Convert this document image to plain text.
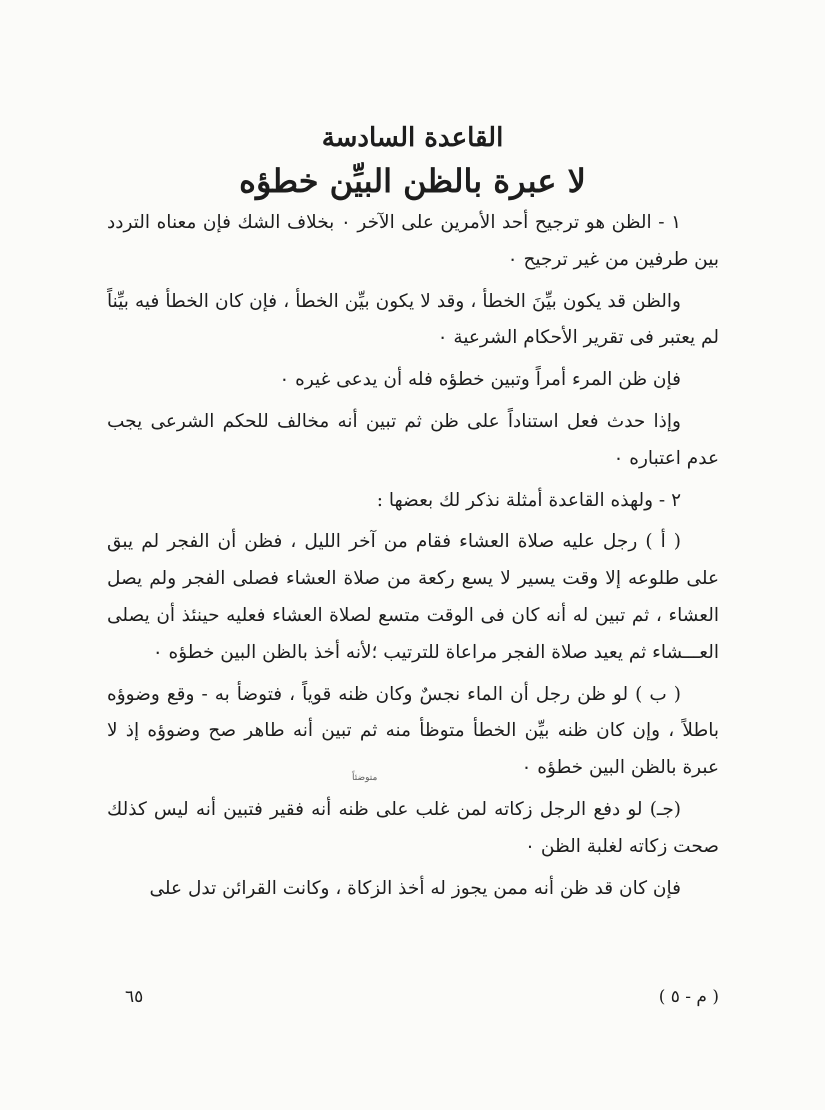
القاعدة السادسة
لا عبرة بالظن البيِّن خطؤه

١ - الظن هو ترجيح أحد الأمرين على الآخر ٠ بخلاف الشك فإن معناه التردد بين طرفين من غير ترجيح ٠

والظن قد يكون بيِّنَ الخطأ ، وقد لا يكون بيِّن الخطأ ، فإن كان الخطأ فيه بيِّناً لم يعتبر فى تقرير الأحكام الشرعية ٠

فإن ظن المرء أمراً وتبين خطؤه فله أن يدعى غيره ٠

وإذا حدث فعل استناداً على ظن ثم تبين أنه مخالف للحكم الشرعى يجب عدم اعتباره ٠

٢ - ولهذه القاعدة أمثلة نذكر لك بعضها :

( أ ) رجل عليه صلاة العشاء فقام من آخر الليل ، فظن أن الفجر لم يبق على طلوعه إلا وقت يسير لا يسع ركعة من صلاة العشاء فصلى الفجر ولم يصل العشاء ، ثم تبين له أنه كان فى الوقت متسع لصلاة العشاء فعليه حينئذ أن يصلى العـــشاء ثم يعيد صلاة الفجر مراعاة للترتيب ؛لأنه أخذ بالظن البين خطؤه ٠

( ب ) لو ظن رجل أن الماء نجسٌ وكان ظنه قوياً ، فتوضأ به - وقع وضوؤه باطلاً ، وإن كان ظنه بيِّن الخطأ متوظأ منه ثم تبين أنه طاهر صح وضوؤه إذ لا عبرة بالظن البين خطؤه ٠

(جـ) لو دفع الرجل زكاته لمن غلب على ظنه أنه فقير فتبين أنه ليس كذلك صحت زكاته لغلبة الظن ٠

فإن كان قد ظن أنه ممن يجوز له أخذ الزكاة ، وكانت القرائن تدل على

متوضئاً
٦٥	( م - ٥ )
